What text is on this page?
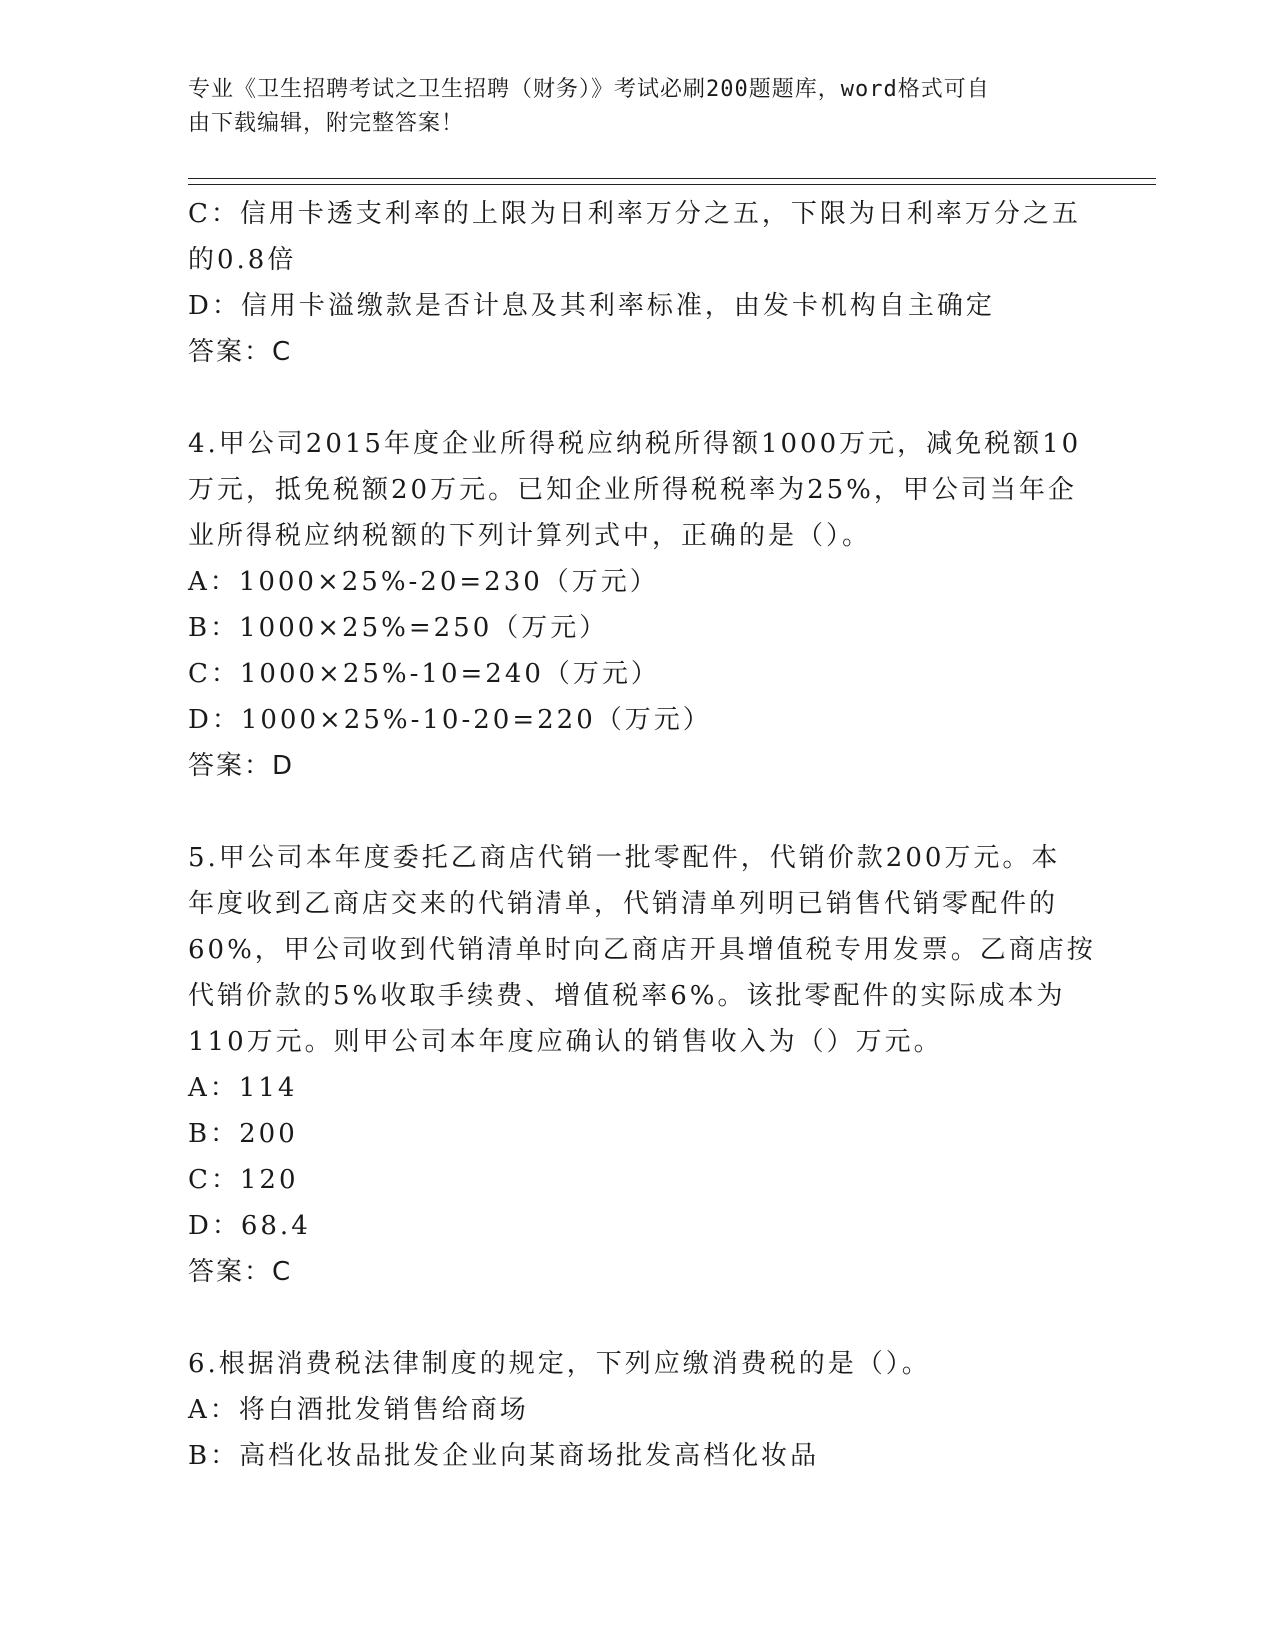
专业《卫生招聘考试之卫生招聘（财务）》考试必刷200题题库，word格式可自
由下载编辑，附完整答案！
C：信用卡透支利率的上限为日利率万分之五，下限为日利率万分之五
的0.8倍
D：信用卡溢缴款是否计息及其利率标准，由发卡机构自主确定
答案：C
4.甲公司2015年度企业所得税应纳税所得额1000万元，减免税额10
万元，抵免税额20万元。已知企业所得税税率为25%，甲公司当年企
业所得税应纳税额的下列计算列式中，正确的是（）。
A：1000×25%-20=230（万元）
B：1000×25%=250（万元）
C：1000×25%-10=240（万元）
D：1000×25%-10-20=220（万元）
答案：D
5.甲公司本年度委托乙商店代销一批零配件，代销价款200万元。本
年度收到乙商店交来的代销清单，代销清单列明已销售代销零配件的
60%，甲公司收到代销清单时向乙商店开具增值税专用发票。乙商店按
代销价款的5%收取手续费、增值税率6%。该批零配件的实际成本为
110万元。则甲公司本年度应确认的销售收入为（）万元。
A：114
B：200
C：120
D：68.4
答案：C
6.根据消费税法律制度的规定，下列应缴消费税的是（）。
A：将白酒批发销售给商场
B：高档化妆品批发企业向某商场批发高档化妆品
